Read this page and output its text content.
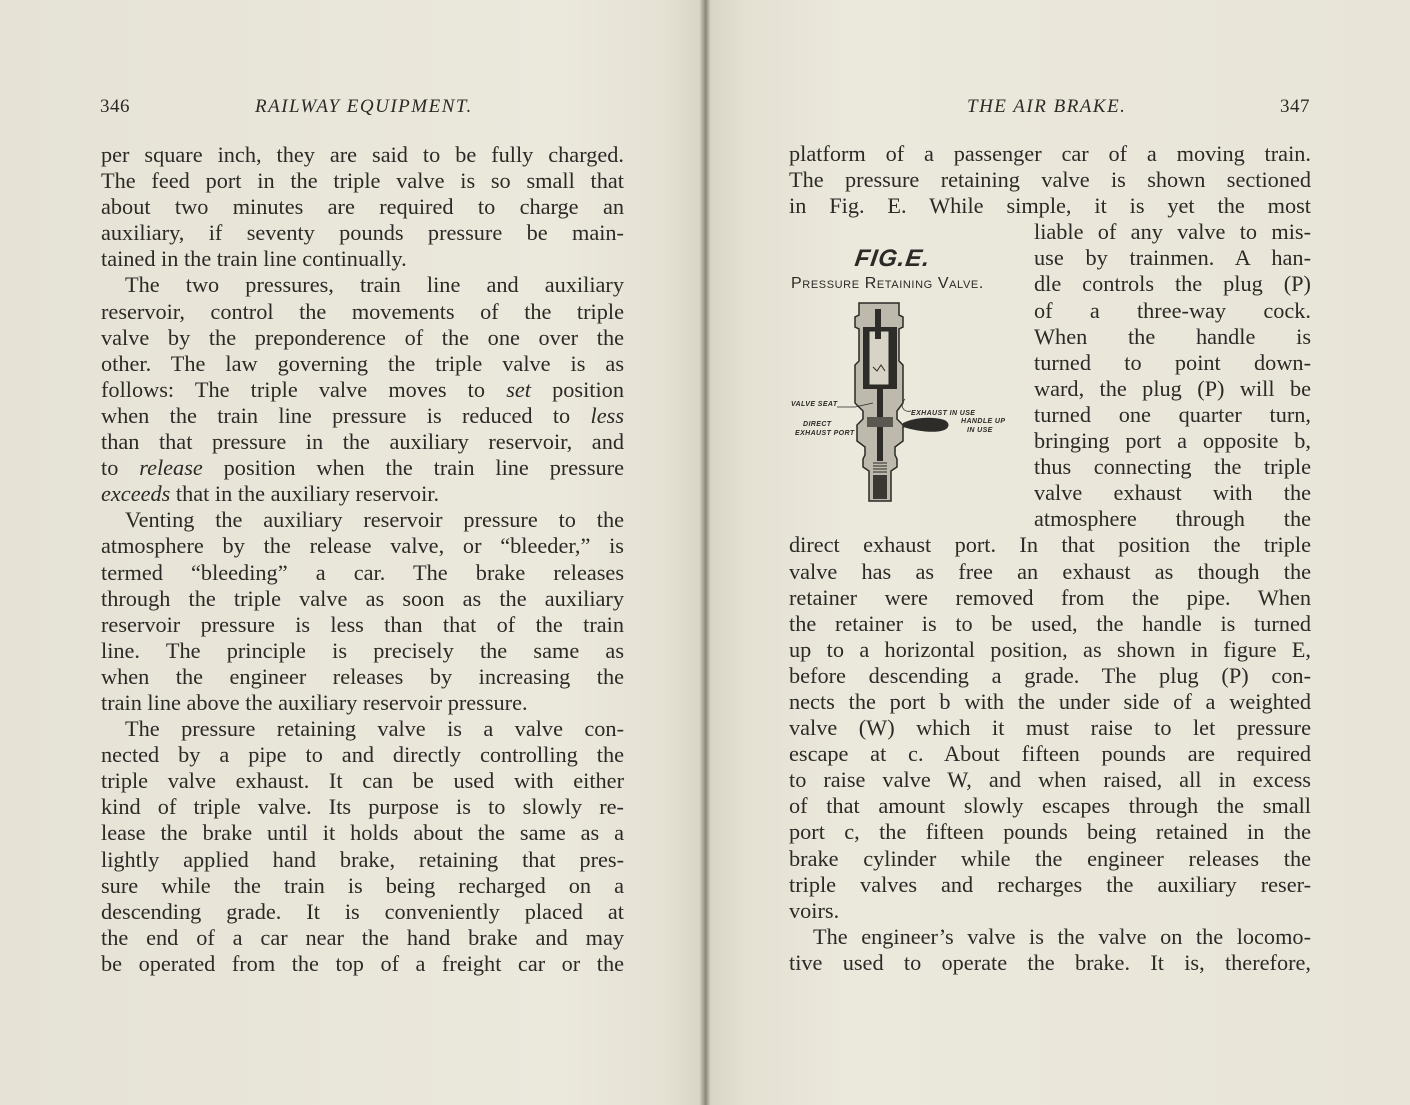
346	RAILWAY EQUIPMENT.
per square inch, they are said to be fully charged.
The feed port in the triple valve is so small that
about two minutes are required to charge an
auxiliary, if seventy pounds pressure be main-
tained in the train line continually.
The two pressures, train line and auxiliary
reservoir, control the movements of the triple
valve by the preponderence of the one over the
other. The law governing the triple valve is as
follows: The triple valve moves to set position
when the train line pressure is reduced to less
than that pressure in the auxiliary reservoir, and
to release position when the train line pressure
exceeds that in the auxiliary reservoir.
Venting the auxiliary reservoir pressure to the
atmosphere by the release valve, or “bleeder,” is
termed “bleeding” a car. The brake releases
through the triple valve as soon as the auxiliary
reservoir pressure is less than that of the train
line. The principle is precisely the same as
when the engineer releases by increasing the
train line above the auxiliary reservoir pressure.
The pressure retaining valve is a valve con-
nected by a pipe to and directly controlling the
triple valve exhaust. It can be used with either
kind of triple valve. Its purpose is to slowly re-
lease the brake until it holds about the same as a
lightly applied hand brake, retaining that pres-
sure while the train is being recharged on a
descending grade. It is conveniently placed at
the end of a car near the hand brake and may
be operated from the top of a freight car or the
THE AIR BRAKE.	347
platform of a passenger car of a moving train.
The pressure retaining valve is shown sectioned
in Fig. E. While simple, it is yet the most
liable of any valve to mis-
use by trainmen. A han-
dle controls the plug (P)
of a three-way cock.
When the handle is
turned to point down-
ward, the plug (P) will be
turned one quarter turn,
bringing port a opposite b,
thus connecting the triple
valve exhaust with the
atmosphere through the
direct exhaust port. In that position the triple
valve has as free an exhaust as though the
retainer were removed from the pipe. When
the retainer is to be used, the handle is turned
up to a horizontal position, as shown in figure E,
before descending a grade. The plug (P) con-
nects the port b with the under side of a weighted
valve (W) which it must raise to let pressure
escape at c. About fifteen pounds are required
to raise valve W, and when raised, all in excess
of that amount slowly escapes through the small
port c, the fifteen pounds being retained in the
brake cylinder while the engineer releases the
triple valves and recharges the auxiliary reser-
voirs.
The engineer’s valve is the valve on the locomo-
tive used to operate the brake. It is, therefore,
FIG.E.
Pressure Retaining Valve.
VALVE SEAT
DIRECT
EXHAUST PORT
EXHAUST IN USE
HANDLE UP
IN USE
